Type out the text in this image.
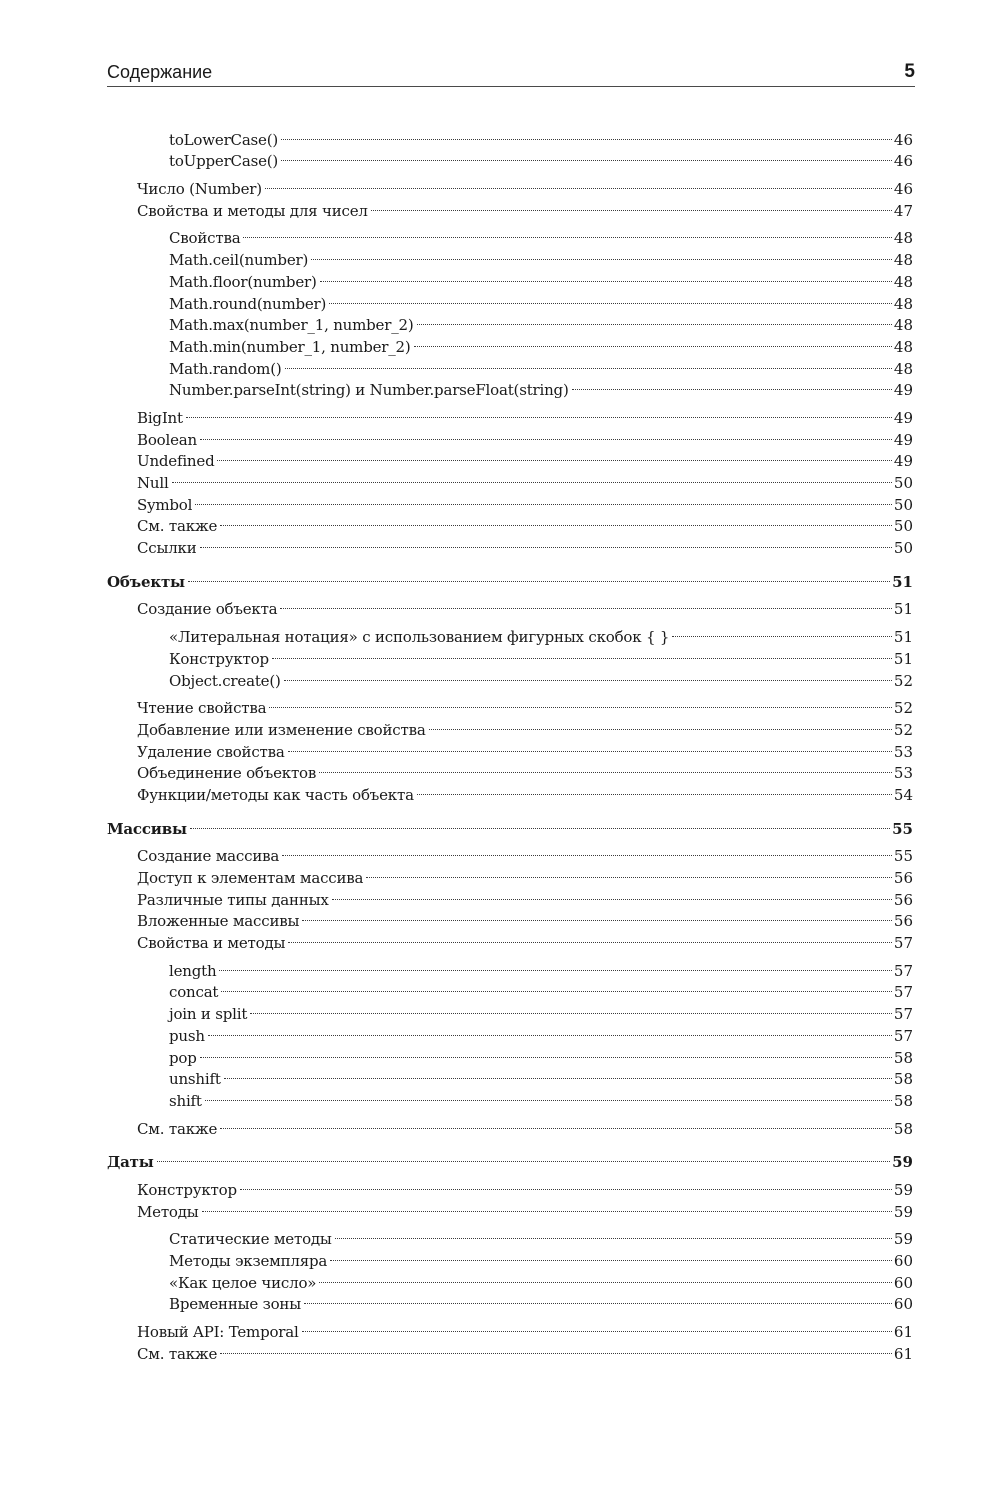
Содержание	5
toLowerCase()	46
toUpperCase()	46
Число (Number)	46
Свойства и методы для чисел	47
Свойства	48
Math.ceil(number)	48
Math.floor(number)	48
Math.round(number)	48
Math.max(number_1, number_2)	48
Math.min(number_1, number_2)	48
Math.random()	48
Number.parseInt(string) и Number.parseFloat(string)	49
BigInt	49
Boolean	49
Undefined	49
Null	50
Symbol	50
См. также	50
Ссылки	50
Объекты	51
Создание объекта	51
«Литеральная нотация» с использованием фигурных скобок { }	51
Конструктор	51
Object.create()	52
Чтение свойства	52
Добавление или изменение свойства	52
Удаление свойства	53
Объединение объектов	53
Функции/методы как часть объекта	54
Массивы	55
Создание массива	55
Доступ к элементам массива	56
Различные типы данных	56
Вложенные массивы	56
Свойства и методы	57
length	57
concat	57
join и split	57
push	57
pop	58
unshift	58
shift	58
См. также	58
Даты	59
Конструктор	59
Методы	59
Статические методы	59
Методы экземпляра	60
«Как целое число»	60
Временные зоны	60
Новый API: Temporal	61
См. также	61
